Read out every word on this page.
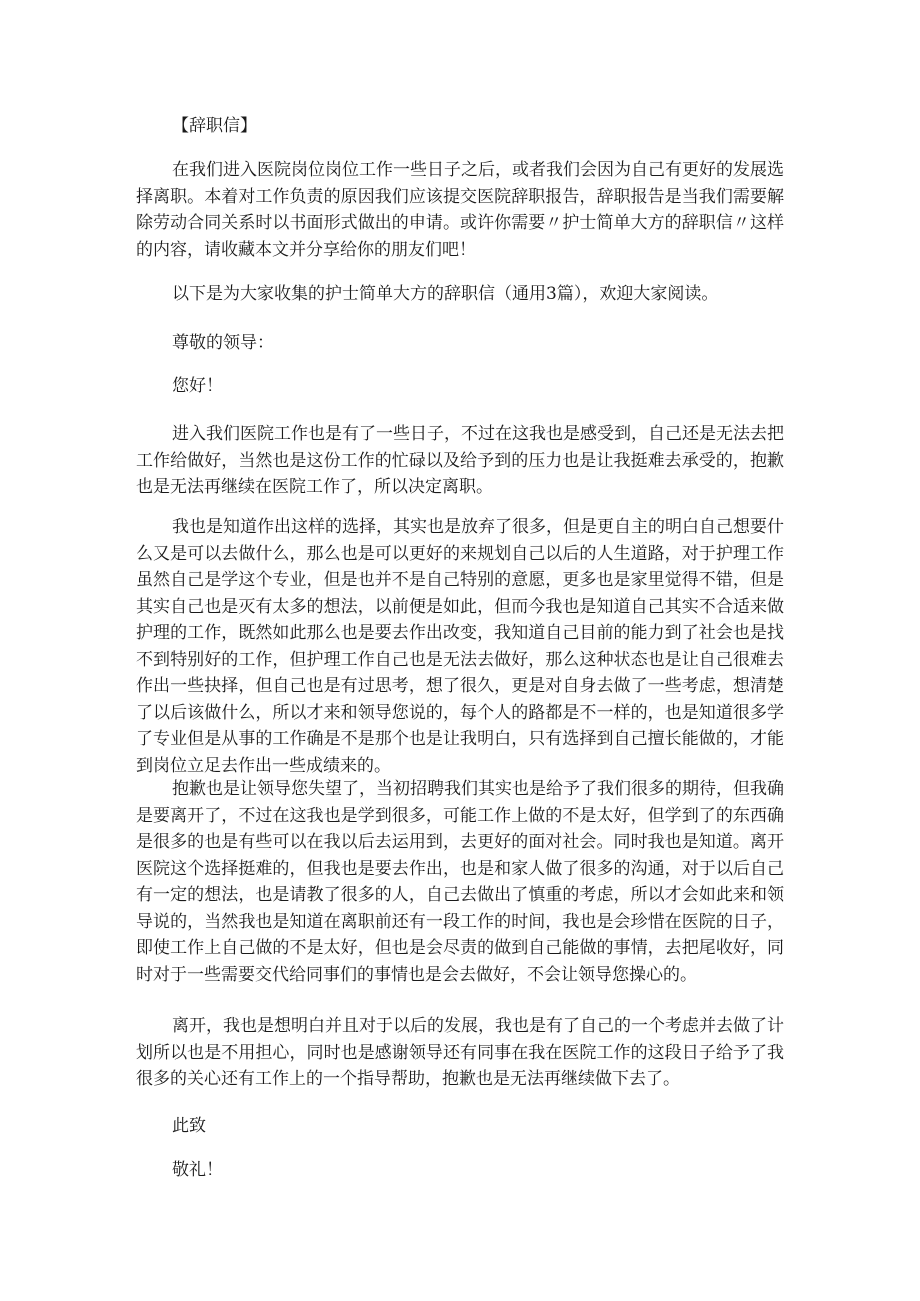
【辞职信】

在我们进入医院岗位岗位工作一些日子之后，或者我们会因为自己有更好的发展选择离职。本着对工作负责的原因我们应该提交医院辞职报告，辞职报告是当我们需要解除劳动合同关系时以书面形式做出的申请。或许你需要〃护士简单大方的辞职信〃这样的内容，请收藏本文并分享给你的朋友们吧！

以下是为大家收集的护士简单大方的辞职信（通用3篇），欢迎大家阅读。

尊敬的领导：

您好！

进入我们医院工作也是有了一些日子，不过在这我也是感受到，自己还是无法去把工作给做好，当然也是这份工作的忙碌以及给予到的压力也是让我挺难去承受的，抱歉也是无法再继续在医院工作了，所以决定离职。

我也是知道作出这样的选择，其实也是放弃了很多，但是更自主的明白自己想要什么又是可以去做什么，那么也是可以更好的来规划自己以后的人生道路，对于护理工作虽然自己是学这个专业，但是也并不是自己特别的意愿，更多也是家里觉得不错，但是其实自己也是灭有太多的想法，以前便是如此，但而今我也是知道自己其实不合适来做护理的工作，既然如此那么也是要去作出改变，我知道自己目前的能力到了社会也是找不到特别好的工作，但护理工作自己也是无法去做好，那么这种状态也是让自己很难去作出一些抉择，但自己也是有过思考，想了很久，更是对自身去做了一些考虑，想清楚了以后该做什么，所以才来和领导您说的，每个人的路都是不一样的，也是知道很多学了专业但是从事的工作确是不是那个也是让我明白，只有选择到自己擅长能做的，才能到岗位立足去作出一些成绩来的。

抱歉也是让领导您失望了，当初招聘我们其实也是给予了我们很多的期待，但我确是要离开了，不过在这我也是学到很多，可能工作上做的不是太好，但学到了的东西确是很多的也是有些可以在我以后去运用到，去更好的面对社会。同时我也是知道。离开医院这个选择挺难的，但我也是要去作出，也是和家人做了很多的沟通，对于以后自己有一定的想法，也是请教了很多的人，自己去做出了慎重的考虑，所以才会如此来和领导说的，当然我也是知道在离职前还有一段工作的时间，我也是会珍惜在医院的日子，即使工作上自己做的不是太好，但也是会尽责的做到自己能做的事情，去把尾收好，同时对于一些需要交代给同事们的事情也是会去做好，不会让领导您操心的。

离开，我也是想明白并且对于以后的发展，我也是有了自己的一个考虑并去做了计划所以也是不用担心，同时也是感谢领导还有同事在我在医院工作的这段日子给予了我很多的关心还有工作上的一个指导帮助，抱歉也是无法再继续做下去了。

此致

敬礼！
